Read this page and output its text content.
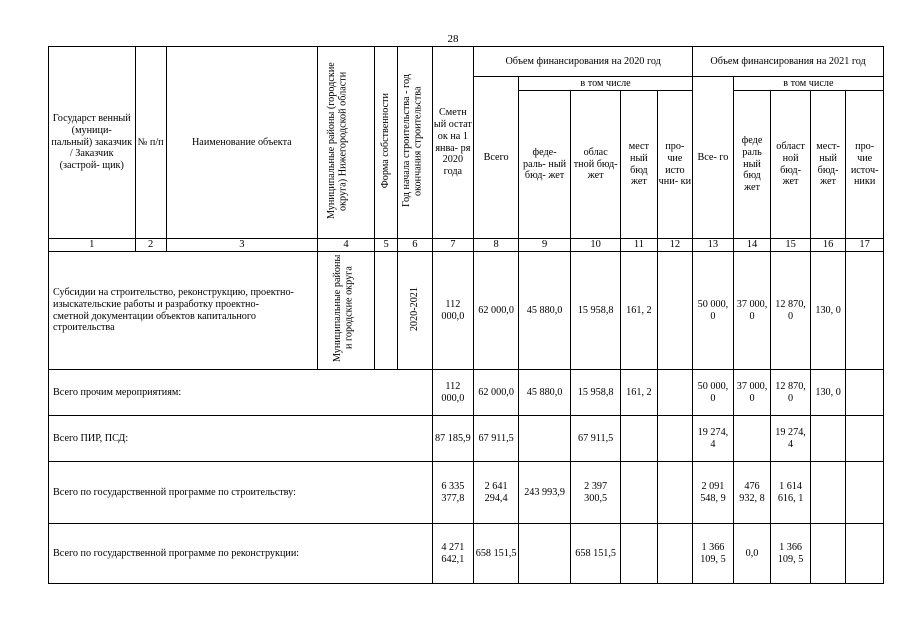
28
Государст венный (муници- пальный) заказчик / Заказчик (застрой- щик)	№ п/п	Наименование объекта	Муниципальные районы (городские округа) Нижегородской области	Форма собственности	Год начала строительства - год окончания строительства	Сметн ый остат ок на 1 янва- ря 2020 года	Объем финансирования на 2020 год					Объем финансирования на 2021 год				
							Всего	в том числе				Все- го	в том числе			
								феде- раль- ный бюд- жет	облас тной бюд- жет	мест ный бюд жет	про- чие исто чни- ки		феде раль ный бюд жет	област ной бюд- жет	мест- ный бюд- жет	про- чие источ- ники
1	2	3	4	5	6	7	8	9	10	11	12	13	14	15	16	17
Субсидии на строительство, реконструкцию, проектно-изыскательские работы и разработку проектно-сметной документации объектов капитального строительства			Муниципальные районы и городские округа		2020-2021	112 000,0	62 000,0	45 880,0	15 958,8	161, 2		50 000, 0	37 000, 0	12 870, 0	130, 0	
Всего прочим мероприятиям:						112 000,0	62 000,0	45 880,0	15 958,8	161, 2		50 000, 0	37 000, 0	12 870, 0	130, 0	
Всего ПИР, ПСД:						87 185,9	67 911,5		67 911,5			19 274, 4		19 274, 4		
Всего по государственной программе по строительству:						6 335 377,8	2 641 294,4	243 993,9	2 397 300,5			2 091 548, 9	476 932, 8	1 614 616, 1		
Всего по государственной программе по реконструкции:						4 271 642,1	658 151,5		658 151,5			1 366 109, 5	0,0	1 366 109, 5		
